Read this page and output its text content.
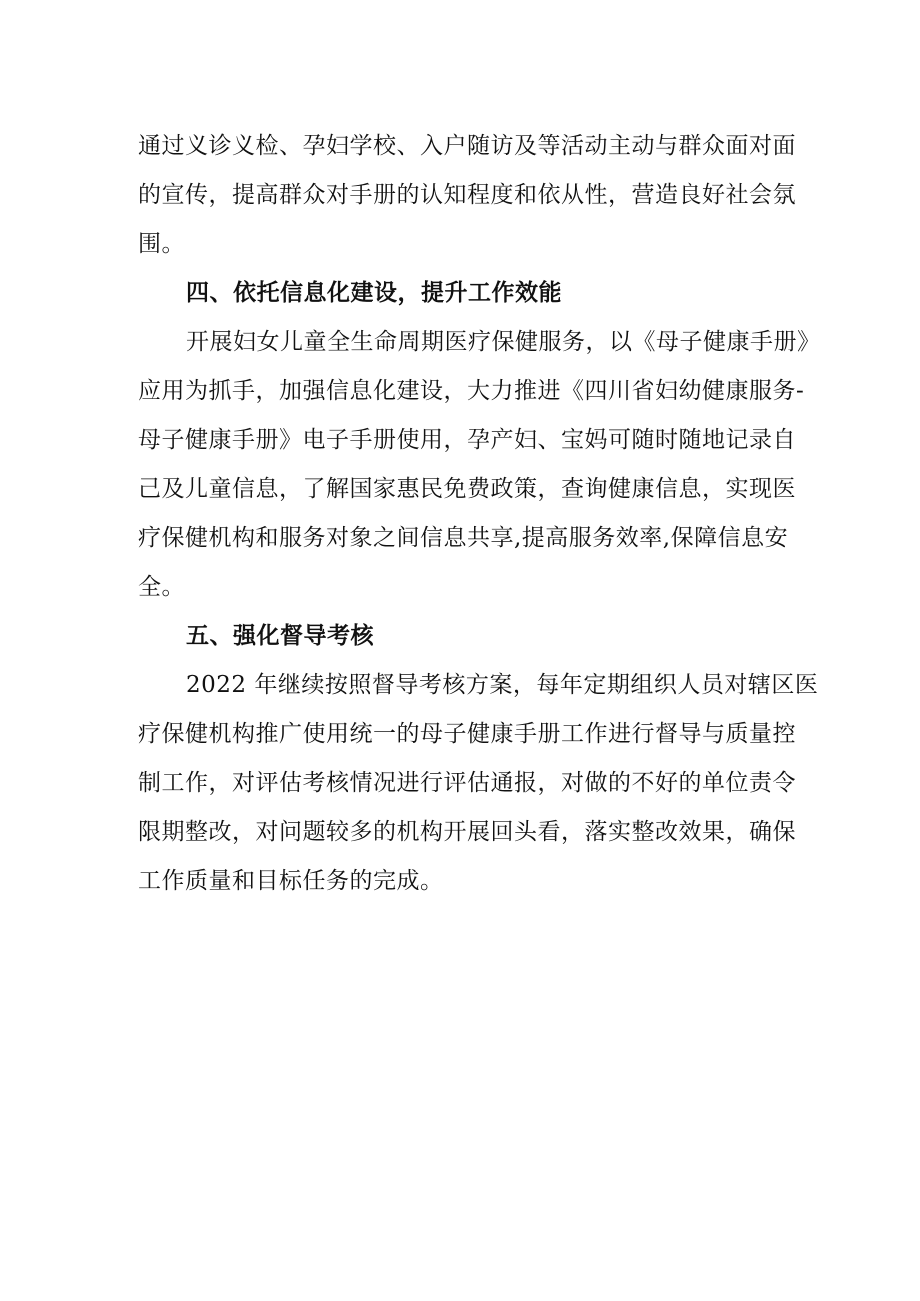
通过义诊义检、孕妇学校、入户随访及等活动主动与群众面对面
的宣传，提高群众对手册的认知程度和依从性，营造良好社会氛
围。
四、依托信息化建设，提升工作效能
开展妇女儿童全生命周期医疗保健服务，以《母子健康手册》
应用为抓手，加强信息化建设，大力推进《四川省妇幼健康服务-
母子健康手册》电子手册使用，孕产妇、宝妈可随时随地记录自
己及儿童信息，了解国家惠民免费政策，查询健康信息，实现医
疗保健机构和服务对象之间信息共享,提高服务效率,保障信息安
全。
五、强化督导考核
2022 年继续按照督导考核方案，每年定期组织人员对辖区医
疗保健机构推广使用统一的母子健康手册工作进行督导与质量控
制工作，对评估考核情况进行评估通报，对做的不好的单位责令
限期整改，对问题较多的机构开展回头看，落实整改效果，确保
工作质量和目标任务的完成。
